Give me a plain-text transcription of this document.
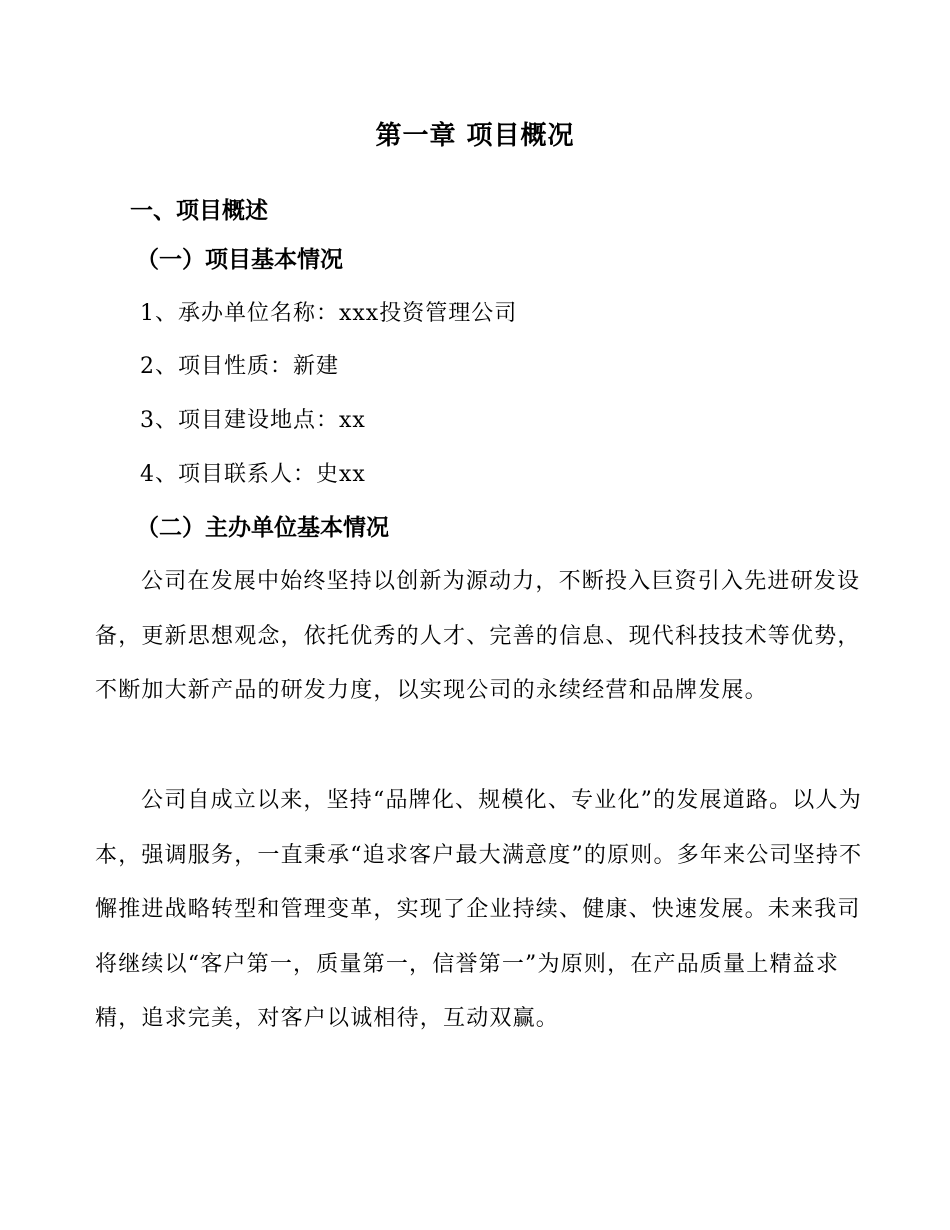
第一章 项目概况
一、项目概述
（一）项目基本情况
1、承办单位名称：xxx投资管理公司
2、项目性质：新建
3、项目建设地点：xx
4、项目联系人：史xx
（二）主办单位基本情况

公司在发展中始终坚持以创新为源动力，不断投入巨资引入先进研发设备，更新思想观念，依托优秀的人才、完善的信息、现代科技技术等优势，不断加大新产品的研发力度，以实现公司的永续经营和品牌发展。

公司自成立以来，坚持“品牌化、规模化、专业化”的发展道路。以人为本，强调服务，一直秉承“追求客户最大满意度”的原则。多年来公司坚持不懈推进战略转型和管理变革，实现了企业持续、健康、快速发展。未来我司将继续以“客户第一，质量第一，信誉第一”为原则，在产品质量上精益求精，追求完美，对客户以诚相待，互动双赢。
